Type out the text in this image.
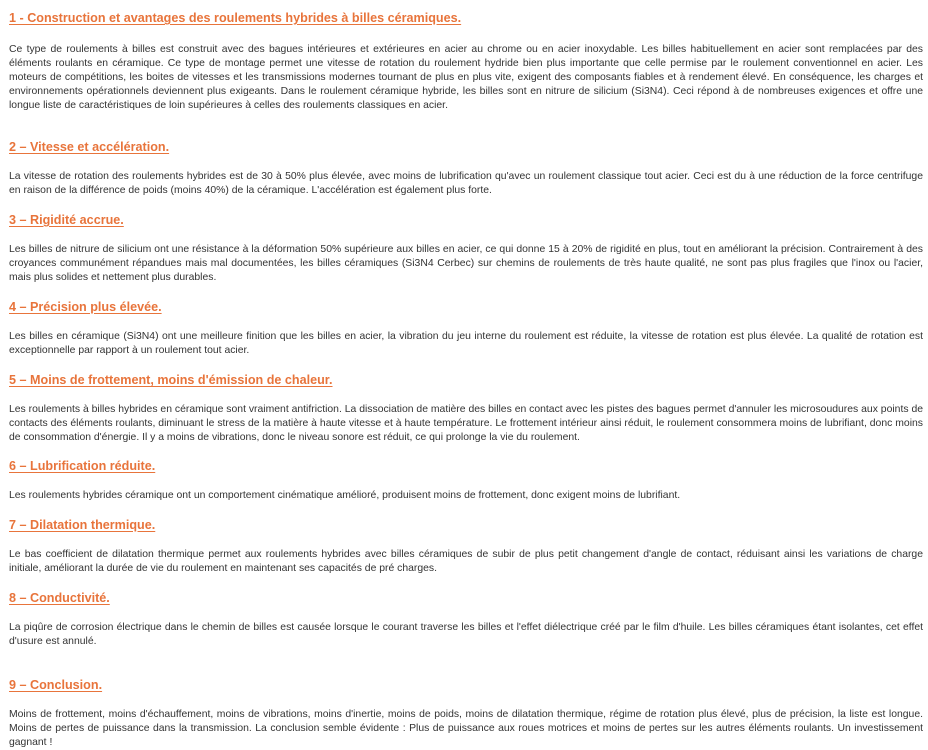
1 - Construction et avantages des roulements hybrides à billes céramiques.

Ce type de roulements à billes est construit avec des bagues intérieures et extérieures en acier au chrome ou en acier inoxydable. Les billes habituellement en acier sont remplacées par des éléments roulants en céramique. Ce type de montage permet une vitesse de rotation du roulement hydride bien plus importante que celle permise par le roulement conventionnel en acier. Les moteurs de compétitions, les boites de vitesses et les transmissions modernes tournant de plus en plus vite, exigent des composants fiables et à rendement élevé. En conséquence, les charges et environnements opérationnels deviennent plus exigeants. Dans le roulement céramique hybride, les billes sont en nitrure de silicium (Si3N4). Ceci répond à de nombreuses exigences et offre une longue liste de caractéristiques de loin supérieures à celles des roulements classiques en acier.

2 – Vitesse et accélération.

La vitesse de rotation des roulements hybrides est de 30 à 50% plus élevée, avec moins de lubrification qu'avec un roulement classique tout acier. Ceci est du à une réduction de la force centrifuge en raison de la différence de poids (moins 40%) de la céramique. L'accélération est également plus forte.

3 – Rigidité accrue.

Les billes de nitrure de silicium ont une résistance à la déformation 50% supérieure aux billes en acier, ce qui donne 15 à 20% de rigidité en plus, tout en améliorant la précision. Contrairement à des croyances communément répandues mais mal documentées, les billes céramiques (Si3N4 Cerbec) sur chemins de roulements de très haute qualité, ne sont pas plus fragiles que l'inox ou l'acier, mais plus solides et nettement plus durables.

4 – Précision plus élevée.

Les billes en céramique (Si3N4) ont une meilleure finition que les billes en acier, la vibration du jeu interne du roulement est réduite, la vitesse de rotation est plus élevée. La qualité de rotation est exceptionnelle par rapport à un roulement tout acier.

5 – Moins de frottement, moins d'émission de chaleur.

Les roulements à billes hybrides en céramique sont vraiment antifriction. La dissociation de matière des billes en contact avec les pistes des bagues permet d'annuler les microsoudures aux points de contacts des éléments roulants, diminuant le stress de la matière à haute vitesse et à haute température. Le frottement intérieur ainsi réduit, le roulement consommera moins de lubrifiant, donc moins de consommation d'énergie. Il y a moins de vibrations, donc le niveau sonore est réduit, ce qui prolonge la vie du roulement.

6 – Lubrification réduite.

Les roulements hybrides céramique ont un comportement cinématique amélioré, produisent moins de frottement, donc exigent moins de lubrifiant.

7 – Dilatation thermique.

Le bas coefficient de dilatation thermique permet aux roulements hybrides avec billes céramiques de subir de plus petit changement d'angle de contact, réduisant ainsi les variations de charge initiale, améliorant la durée de vie du roulement en maintenant ses capacités de pré charges.

8 – Conductivité.

La piqûre de corrosion électrique dans le chemin de billes est causée lorsque le courant traverse les billes et l'effet diélectrique créé par le film d'huile. Les billes céramiques étant isolantes, cet effet d'usure est annulé.

9 – Conclusion.

Moins de frottement, moins d'échauffement, moins de vibrations, moins d'inertie, moins de poids, moins de dilatation thermique, régime de rotation plus élevé, plus de précision, la liste est longue. Moins de pertes de puissance dans la transmission. La conclusion semble évidente : Plus de puissance aux roues motrices et moins de pertes sur les autres éléments roulants. Un investissement gagnant !
